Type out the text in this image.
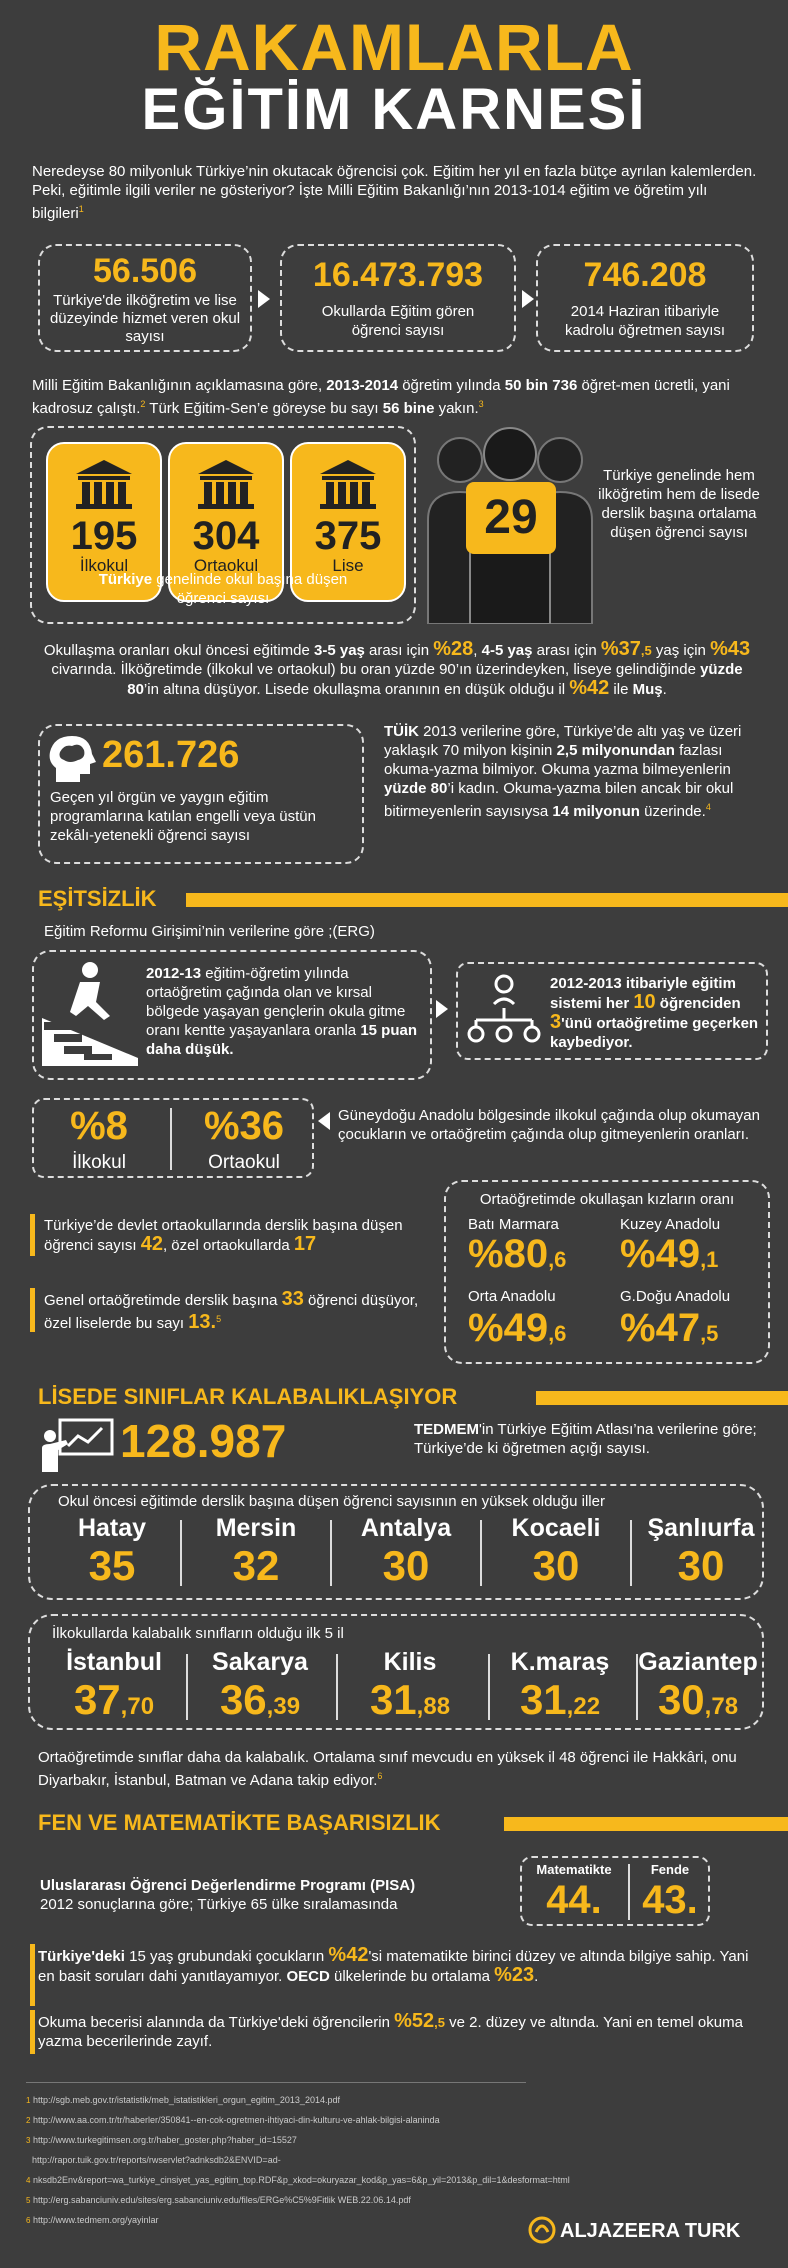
RAKAMLARLA
EĞİTİM KARNESİ
Neredeyse 80 milyonluk Türkiye’nin okutacak öğrencisi çok. Eğitim her yıl en fazla bütçe ayrılan kalemlerden. Peki, eğitimle ilgili veriler ne gösteriyor? İşte Milli Eğitim Bakanlığı’nın 2013-1014 eğitim ve öğretim yılı bilgileri$^1$
56.506
Türkiye'de ilköğretim ve lise düzeyinde hizmet veren okul sayısı
16.473.793
Okullarda Eğitim gören öğrenci sayısı
746.208
2014 Haziran itibariyle kadrolu öğretmen sayısı
Milli Eğitim Bakanlığının açıklamasına göre, 2013-2014 öğretim yılında 50 bin 736 öğret-men ücretli, yani kadrosuz çalıştı.$^2$ Türk Eğitim-Sen’e göreyse bu sayı 56 bine yakın.$^3$
195
İlkokul
304
Ortaokul
375
Lise
Türkiye genelinde okul başına düşen öğrenci sayısı
29
Türkiye genelinde hem ilköğretim hem de lisede derslik başına ortalama düşen öğrenci sayısı
Okullaşma oranları okul öncesi eğitimde 3-5 yaş arası için %28, 4-5 yaş arası için %37,5 yaş için %43 civarında. İlköğretimde (ilkokul ve ortaokul) bu oran yüzde 90’ın üzerindeyken, liseye gelindiğinde yüzde 80’in altına düşüyor. Lisede okullaşma oranının en düşük olduğu il %42 ile Muş.
261.726
Geçen yıl örgün ve yaygın eğitim programlarına katılan engelli veya üstün zekâlı-yetenekli öğrenci sayısı
TÜİK 2013 verilerine göre, Türkiye’de altı yaş ve üzeri yaklaşık 70 milyon kişinin 2,5 milyonundan fazlası okuma-yazma bilmiyor. Okuma yazma bilmeyenlerin yüzde 80’i kadın. Okuma-yazma bilen ancak bir okul bitirmeyenlerin sayısıysa 14 milyonun üzerinde.$^4$
EŞİTSİZLİK
Eğitim Reformu Girişimi’nin verilerine göre ;(ERG)
2012-13 eğitim-öğretim yılında ortaöğretim çağında olan ve kırsal bölgede yaşayan gençlerin okula gitme oranı kentte yaşayanlara oranla 15 puan daha düşük.
2012-2013 itibariyle eğitim sistemi her 10 öğrenciden 3'ünü ortaöğretime geçerken kaybediyor.
%8
İlkokul
%36
Ortaokul
Güneydoğu Anadolu bölgesinde ilkokul çağında olup okumayan çocukların ve ortaöğretim çağında olup gitmeyenlerin oranları.
Türkiye’de devlet ortaokullarında derslik başına düşen öğrenci sayısı 42, özel ortaokullarda 17
Genel ortaöğretimde derslik başına 33 öğrenci düşüyor, özel liselerde bu sayı 13.$^5$
Ortaöğretimde okullaşan kızların oranı
Batı Marmara
%80,6
Kuzey Anadolu
%49,1
Orta Anadolu
%49,6
G.Doğu Anadolu
%47,5
LİSEDE SINIFLAR KALABALIKLAŞIYOR
128.987	TEDMEM'in Türkiye Eğitim Atlası’na verilerine göre; Türkiye’de ki öğretmen açığı sayısı.
Okul öncesi eğitimde derslik başına düşen öğrenci sayısının en yüksek olduğu iller
Hatay
35
Mersin
32
Antalya
30
Kocaeli
30
Şanlıurfa
30
İlkokullarda kalabalık sınıfların olduğu ilk 5 il
İstanbul
37,70
Sakarya
36,39
Kilis
31,88
K.maraş
31,22
Gaziantep
30,78
Ortaöğretimde sınıflar daha da kalabalık. Ortalama sınıf mevcudu en yüksek il 48 öğrenci ile Hakkâri, onu Diyarbakır, İstanbul, Batman ve Adana takip ediyor.$^6$
FEN VE MATEMATİKTE BAŞARISIZLIK
Uluslararası Öğrenci Değerlendirme Programı (PISA)
2012 sonuçlarına göre; Türkiye 65 ülke sıralamasında
Matematikte
44.
Fende
43.
Türkiye'deki 15 yaş grubundaki çocukların %42'si matematikte birinci düzey ve altında bilgiye sahip. Yani en basit soruları dahi yanıtlayamıyor. OECD ülkelerinde bu ortalama %23.
Okuma becerisi alanında da Türkiye'deki öğrencilerin %52,5 ve 2. düzey ve altında. Yani en temel okuma yazma becerilerinde zayıf.
1 http://sgb.meb.gov.tr/istatistik/meb_istatistikleri_orgun_egitim_2013_2014.pdf
2 http://www.aa.com.tr/tr/haberler/350841--en-cok-ogretmen-ihtiyaci-din-kulturu-ve-ahlak-bilgisi-alaninda
3 http://www.turkegitimsen.org.tr/haber_goster.php?haber_id=15527
http://rapor.tuik.gov.tr/reports/rwservlet?adnksdb2&ENVID=ad-
4 nksdb2Env&report=wa_turkiye_cinsiyet_yas_egitim_top.RDF&p_xkod=okuryazar_kod&p_yas=6&p_yil=2013&p_dil=1&desformat=html
5 http://erg.sabanciuniv.edu/sites/erg.sabanciuniv.edu/files/ERGe%C5%9Fitlik WEB.22.06.14.pdf
6 http://www.tedmem.org/yayinlar	ALJAZEERA TURK
